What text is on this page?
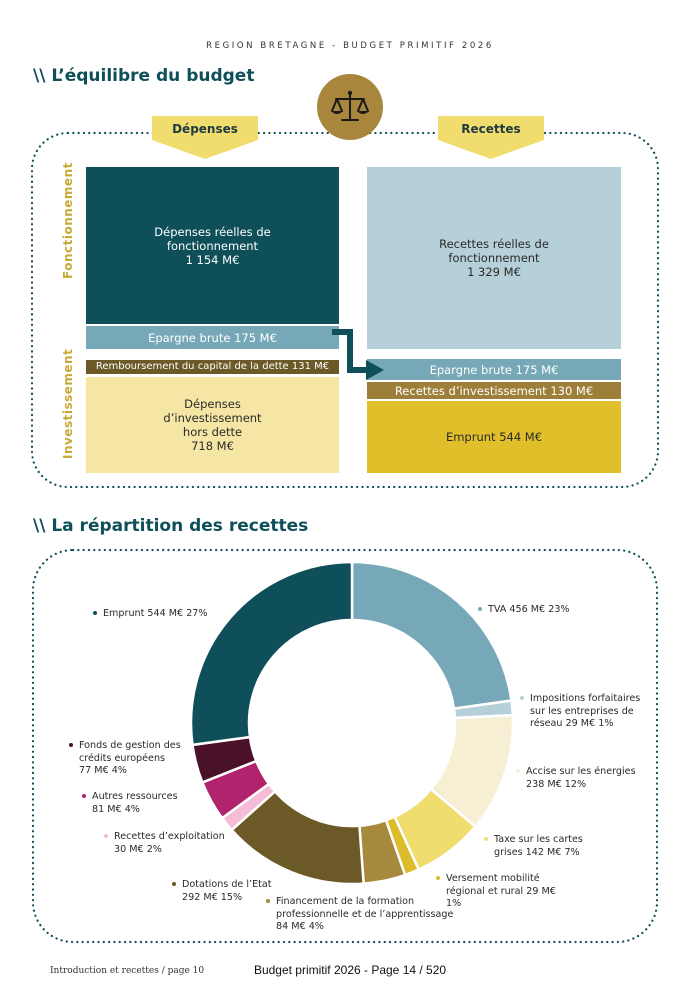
REGION BRETAGNE - BUDGET PRIMITIF 2026
\\ L’équilibre du budget
Dépenses	Recettes
Fonctionnement
Investissement
Dépenses réelles de
fonctionnement
1 154 M€
Epargne brute 175 M€
Remboursement du capital de la dette 131 M€
Dépenses
d’investissement
hors dette
718 M€
Recettes réelles de
fonctionnement
1 329 M€
Epargne brute 175 M€
Recettes d’investissement 130 M€
Emprunt 544 M€
\\ La répartition des recettes
Emprunt 544 M€ 27%	TVA 456 M€ 23%
Impositions forfaitaires
sur les entreprises de
réseau 29 M€ 1%
Accise sur les énergies
238 M€ 12%
Taxe sur les cartes
grises 142 M€ 7%
Versement mobilité
régional et rural 29 M€
1%
Financement de la formation
professionnelle et de l’apprentissage
84 M€ 4%
Dotations de l’Etat
292 M€ 15%
Recettes d’exploitation
30 M€ 2%
Autres ressources
81 M€ 4%
Fonds de gestion des
crédits européens
77 M€ 4%
Introduction et recettes / page 10	Budget primitif 2026 - Page 14 / 520
